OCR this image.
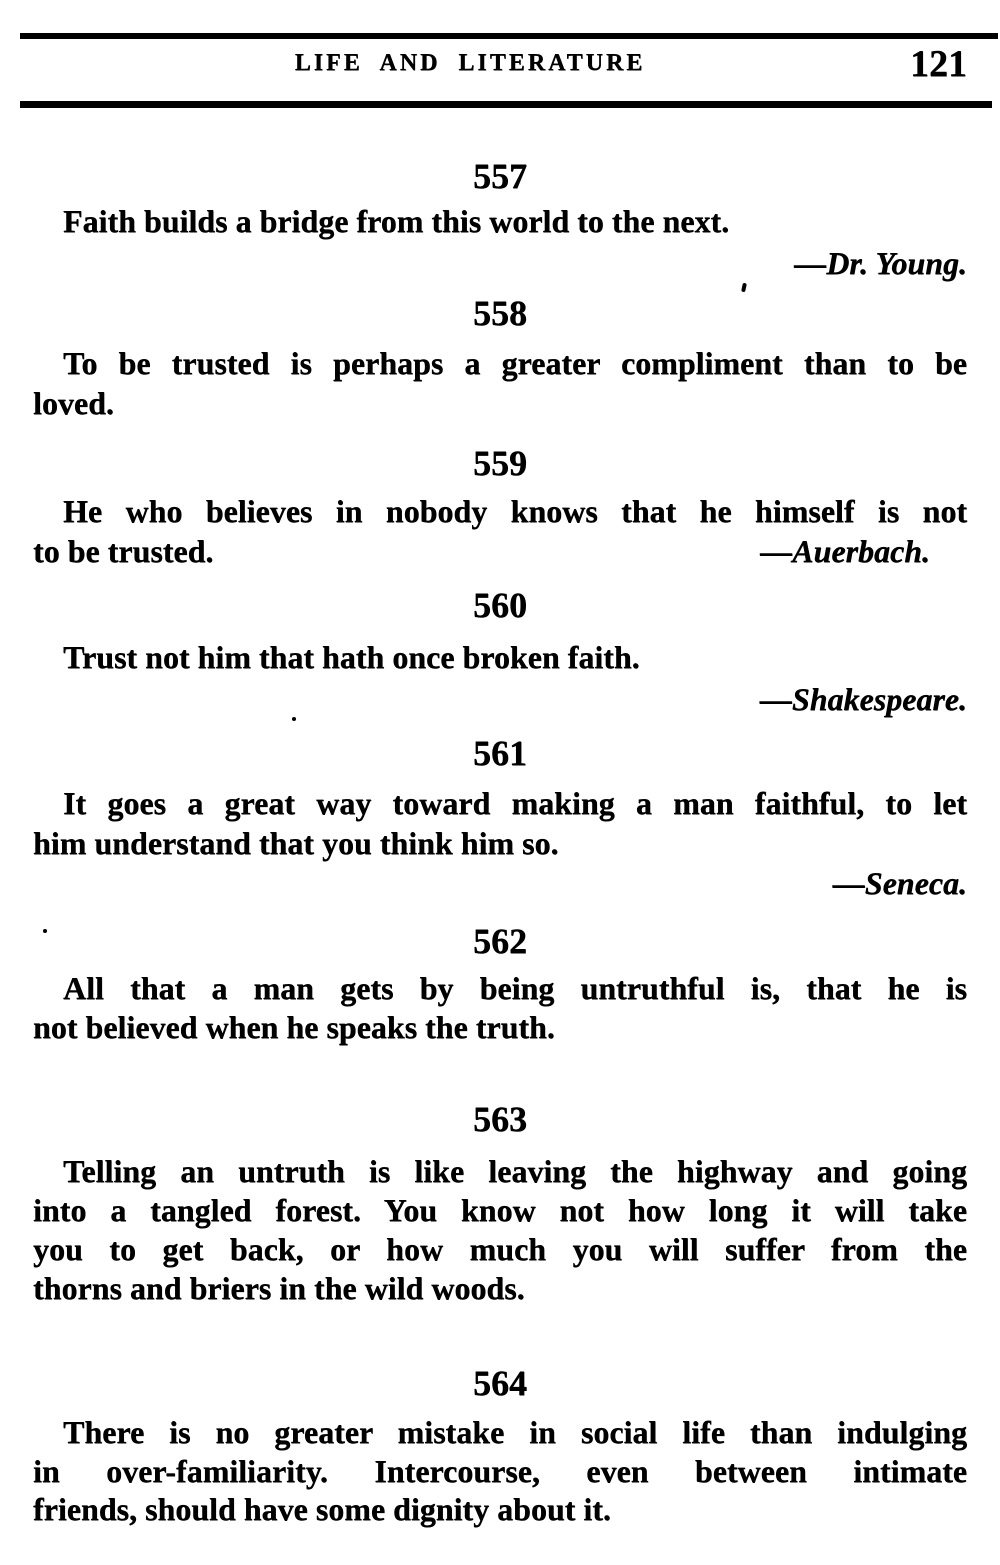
LIFE AND LITERATURE	121
557
Faith builds a bridge from this world to the next.
—Dr. Young.
558
To be trusted is perhaps a greater compliment than to be
loved.
559
He who believes in nobody knows that he himself is not
to be trusted.	—Auerbach.
560
Trust not him that hath once broken faith.
—Shakespeare.
561
It goes a great way toward making a man faithful, to let
him understand that you think him so.
—Seneca.
562
All that a man gets by being untruthful is, that he is
not believed when he speaks the truth.
563
Telling an untruth is like leaving the highway and going
into a tangled forest. You know not how long it will take
you to get back, or how much you will suffer from the
thorns and briers in the wild woods.
564
There is no greater mistake in social life than indulging
in over-familiarity. Intercourse, even between intimate
friends, should have some dignity about it.
